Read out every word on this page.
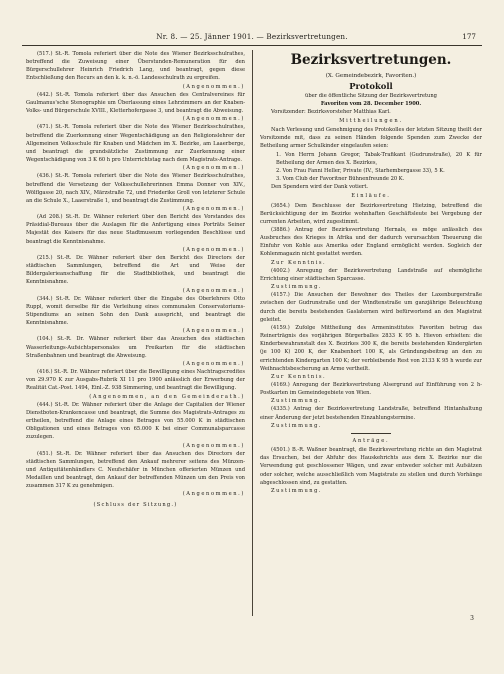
Nr. 8. — 25. Jänner 1901. — Bezirksvertretungen.	177

(517.) St.-R. Tomola referiert über die Note des Wiener Bezirksschulrathes, betreffend die Zuweisung einer Überstunden-Remuneration für den Bürgerschullehrer Heinrich Friedrich Lang, und beantragt, gegen diese Entschließung den Recurs an den k. k. n.-ö. Landesschulrath zu ergreifen.

(Angenommen.)

(442.) St.-R. Tomola referiert über das Ansuchen des Centralvereines für Gaulmanus'sche Stenographie um Überlassung eines Lehrzimmers an der Knaben-Volks- und Bürgerschule XVIII., Kletterhofergasse 3, und beantragt die Abweisung.

(Angenommen.)

(471.) St.-R. Tomola referiert über die Note des Wiener Bezirksschulrathes, betreffend die Zuerkennung einer Wegentschädigung an den Religionslehrer der Allgemeinen Volksschule für Knaben und Mädchen im X. Bezirke, am Laaerberge, und beantragt die grundsätzliche Zustimmung zur Zuerkennung einer Wegentschädigung von 3 K 60 h pro Unterrichtstag nach dem Magistrats-Antrage.

(Angenommen.)

(436.) St.-R. Tomola referiert über die Note des Wiener Bezirksschulrathes, betreffend die Versetzung der Volksschullehrerinnen Emma Donner von XIV., Wölflgasse 20, nach XIV., Märzstraße 72, und Friederike Groll von letzterer Schule an die Schule X., Laaerstraße 1, und beantragt die Zustimmung.

(Angenommen.)

(Ad 208.) St.-R. Dr. Wähner referiert über den Bericht des Vorstandes des Präsidial-Bureaus über die Auslagen für die Anfertigung eines Porträts Seiner Majestät des Kaisers für das neue Stadtmuseum vorliegenden Beschlüsse und beantragt die Kenntnisnahme.

(Angenommen.)

(215.) St.-R. Dr. Wähner referiert über den Bericht des Directors der städtischen Sammlungen, betreffend die Art und Weise der Bildergalerieanschaffung für die Stadtbibliothek, und beantragt die Kenntnisnahme.

(Angenommen.)

(344.) St.-R. Dr. Wähner referiert über die Eingabe des Oberlehrers Otto Ruppl, womit derselbe für die Verleihung eines communalen Conservatoriums-Stipendiums an seinen Sohn den Dank ausspricht, und beantragt die Kenntnisnahme.

(Angenommen.)

(104.) St.-R. Dr. Wähner referiert über das Ansuchen des städtischen Wasserleitungs-Aufsichtspersonales um Freikarten für die städtischen Straßenbahnen und beantragt die Abweisung.

(Angenommen.)

(416.) St.-R. Dr. Wähner referiert über die Bewilligung eines Nachtragscredites von 29.970 K zur Ausgabs-Rubrik XI 11 pro 1900 anlässlich der Erwerbung der Realität Cat.-Post. 1494, Einl.-Z. 938 Simmering, und beantragt die Bewilligung.

(Angenommen, an den Gemeinderath.)

(444.) St.-R. Dr. Wähner referiert über die Anlage der Capitalien der Wiener Dienstboten-Krankencasse und beantragt, die Summe des Magistrats-Antrages zu ertheilen, betreffend die Anlage eines Betrages von 55.000 K in städtischen Obligationen und eines Betrages von 65.000 K bei einer Communalsparcasse zuzulegen.

(Angenommen.)

(451.) St.-R. Dr. Wähner referiert über das Ansuchen des Directors der städtischen Sammlungen, betreffend den Ankauf mehrerer seitens des Münzen- und Antiquitätenhändlers C. Neufschäfer in München offerierten Münzen und Medaillen und beantragt, den Ankauf der betreffenden Münzen um den Preis von zusammen 317 K zu genehmigen.

(Angenommen.)

(Schluss der Sitzung.)

Bezirksvertretungen.

(X. Gemeindebezirk, Favoriten.)

Protokoll

über die öffentliche Sitzung der Bezirksvertretung

Favoriten vom 28. December 1900.

Vorsitzender: Bezirksvorsteher Matthias Karl.

Mittheilungen.

Nach Verlesung und Genehmigung des Protokolles der letzten Sitzung theilt der Vorsitzende mit, dass zu seinen Händen folgende Spenden zum Zwecke der Betheilung armer Schulkinder eingelaufen seien:

1. Von Herrn Johann Gregor, Tabak-Trafikant (Gudrunstraße), 20 K für Betheilung der Armen des X. Bezirkes,

2. Von Frau Fanni Heller, Private (IV., Starhembergasse 33), 5 K.

3. Vom Club der Favoritner Bühnenfreunde 20 K.

Den Spendern wird der Dank votiert.

Einläufe.

(3654.) Dem Beschlusse der Bezirksvertretung Hietzing, betreffend die Berücksichtigung der im Bezirke wohnhaften Geschäftsleute bei Vergebung der currenten Arbeiten, wird zugestimmt.

(3886.) Antrag der Bezirksvertretung Hernals, es möge anlässlich des Ausbruches des Krieges in Afrika und der dadurch verursachten Theuerung die Einfuhr von Kohle aus Amerika oder England ermöglicht werden. Sogleich der Kohlenmagazin nicht gestattet werden.

Zur Kenntnis.

(4002.) Anregung der Bezirksvertretung Landstraße auf ehemögliche Errichtung einer städtischen Sparcasse.

Zustimmung.

(4157.) Die Ansuchen der Bewohner des Theiles der Laxenburgerstraße zwischen der Gudrunstraße und der Windtenstraße um ganzjährige Beleuchtung durch die bereits bestehenden Gaslaternen wird befürwortend an den Magistrat geleitet.

(4159.) Zufolge Mittheilung des Armeninstitutes Favoriten betrug das Reinerträgnis des vorjährigen Bürgerballes 2833 K 95 h. Hievon erhielten: die Kinderbewahranstalt des X. Bezirkes 300 K, die bereits bestehenden Kindergärten (je 100 K) 200 K, der Knabenhort 100 K, als Gründungsbeitrag an den zu errichtenden Kindergarten 100 K; der verbleibende Rest von 2133 K 95 h wurde zur Weihnachtsbescherung an Arme vertheilt.

Zur Kenntnis.

(4169.) Anregung der Bezirksvertretung Alsergrund auf Einführung von 2 h-Postkarten im Gemeindegebiete von Wien.

Zustimmung.

(4335.) Antrag der Bezirksvertretung Landstraße, betreffend Hintanhaltung einer Änderung der jetzt bestehenden Einzahlungstermine.

Zustimmung.

Anträge.

(4501.) B.-R. Waßner beantragt, die Bezirksvertretung richte an den Magistrat das Ersuchen, bei der Abfuhr des Hauskehrichts aus dem X. Bezirke nur die Verwendung gut geschlossener Wägen, und zwar entweder solcher mit Aufsätzen oder solcher, welche ausschließlich vom Magistrate zu stellen und durch Vorhänge abgeschlossen sind, zu gestatten.

Zustimmung.

3
